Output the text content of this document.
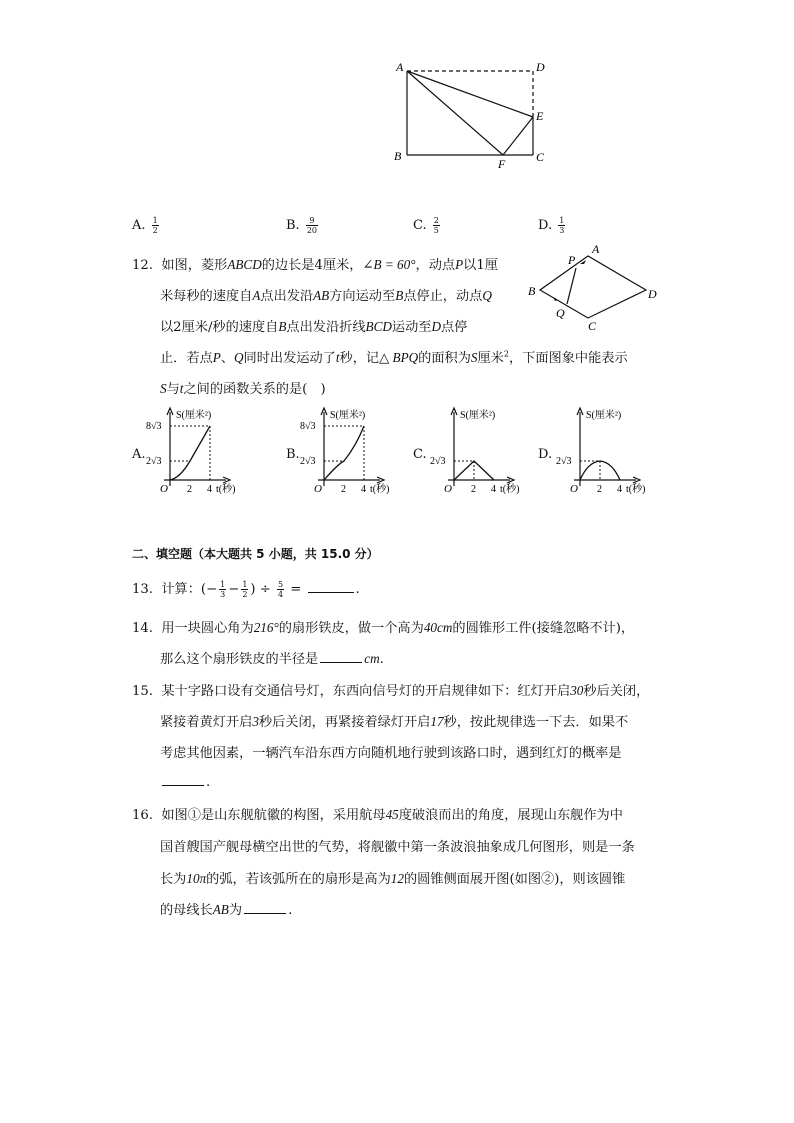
A	D
E
B	C
F
A. $\frac{1}{2}$	B. $\frac{9}{20}$	C. $\frac{2}{5}$	D. $\frac{1}{3}$
12. 如图，菱形ABCD的边长是4厘米，∠B = 60°，动点P以1厘
米每秒的速度自A点出发沿AB方向运动至B点停止，动点Q
以2厘米/秒的速度自B点出发沿折线BCD运动至D点停
止．若点P、Q同时出发运动了t秒，记△ BPQ的面积为S厘米$^2$，下面图象中能表示
S与t之间的函数关系的是(　)
A
P
B	D
Q
C
A.
S(厘米²)
8√3
2√3
O 2 4 t(秒)
B.
S(厘米²)
8√3
2√3
O 2 4 t(秒)
C.
S(厘米²)
2√3
O 2 4 t(秒)
D.
S(厘米²)
2√3
O 2 4 t(秒)
二、填空题（本大题共 5 小题，共 15.0 分）
13. 计算：(− $\frac{1}{3} - \frac{1}{2}$ ) ÷ $\frac{5}{4}$ =	.
14. 用一块圆心角为216°的扇形铁皮，做一个高为40cm的圆锥形工件(接缝忽略不计)，
那么这个扇形铁皮的半径是	cm.
15. 某十字路口设有交通信号灯，东西向信号灯的开启规律如下：红灯开启30秒后关闭，
紧接着黄灯开启3秒后关闭，再紧接着绿灯开启17秒，按此规律选一下去．如果不
考虑其他因素，一辆汽车沿东西方向随机地行驶到该路口时，遇到红灯的概率是
.
16. 如图①是山东舰航徽的构图，采用航母45度破浪而出的角度，展现山东舰作为中
国首艘国产舰母横空出世的气势，将舰徽中第一条波浪抽象成几何图形，则是一条
长为10π的弧，若该弧所在的扇形是高为12的圆锥侧面展开图(如图②)，则该圆锥
的母线长AB为	.
